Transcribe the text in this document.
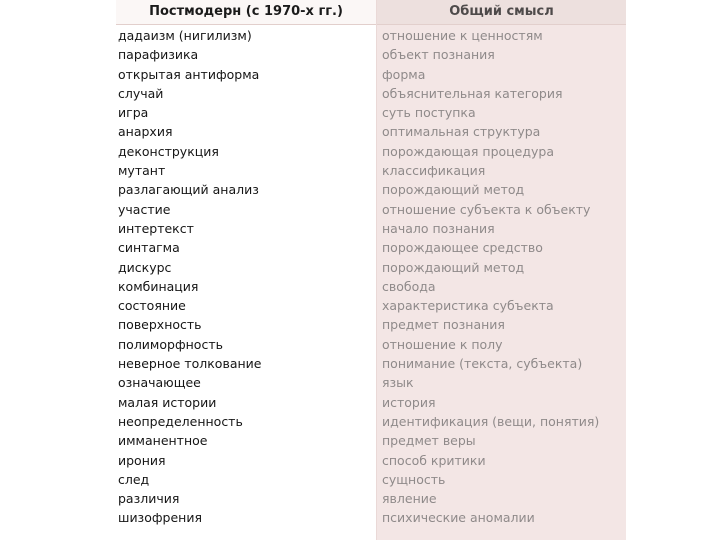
Постмодерн (с 1970-х гг.)
дадаизм (нигилизм)
парафизика
открытая антиформа
случай
игра
анархия
деконструкция
мутант
разлагающий анализ
участие
интертекст
синтагма
дискурс
комбинация
состояние
поверхность
полиморфность
неверное толкование
означающее
малая истории
неопределенность
имманентное
ирония
след
различия
шизофрения
Общий смысл
отношение к ценностям
объект познания
форма
объяснительная категория
суть поступка
оптимальная структура
порождающая процедура
классификация
порождающий метод
отношение субъекта к объекту
начало познания
порождающее средство
порождающий метод
свобода
характеристика субъекта
предмет познания
отношение к полу
понимание (текста, субъекта)
язык
история
идентификация (вещи, понятия)
предмет веры
способ критики
сущность
явление
психические аномалии
